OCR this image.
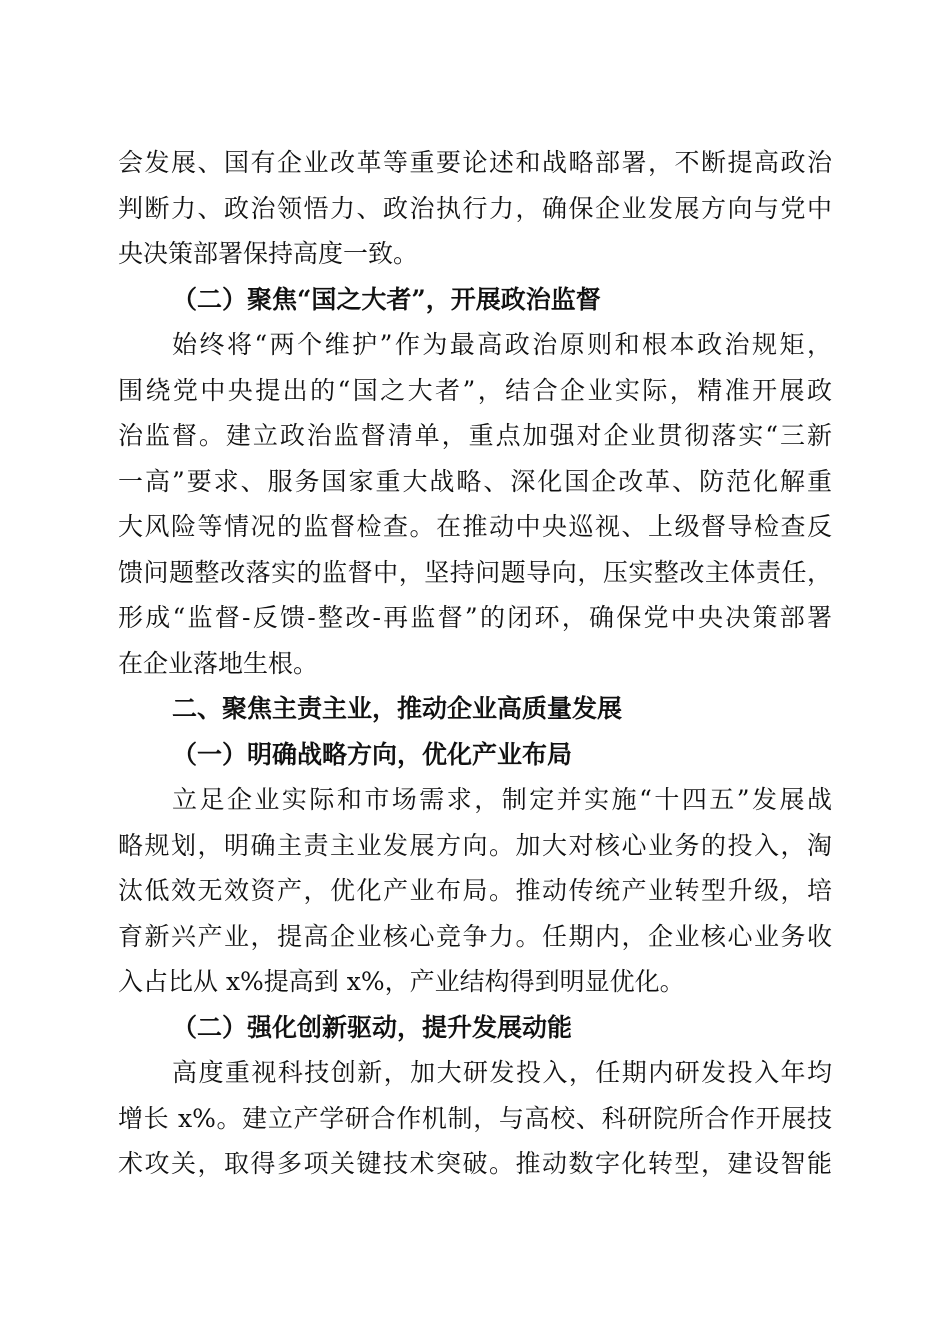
会发展、国有企业改革等重要论述和战略部署，不断提高政治
判断力、政治领悟力、政治执行力，确保企业发展方向与党中
央决策部署保持高度一致。
（二）聚焦“国之大者”，开展政治监督
始终将“两个维护”作为最高政治原则和根本政治规矩，
围绕党中央提出的“国之大者”，结合企业实际，精准开展政
治监督。建立政治监督清单，重点加强对企业贯彻落实“三新
一高”要求、服务国家重大战略、深化国企改革、防范化解重
大风险等情况的监督检查。在推动中央巡视、上级督导检查反
馈问题整改落实的监督中，坚持问题导向，压实整改主体责任，
形成“监督-反馈-整改-再监督”的闭环，确保党中央决策部署
在企业落地生根。
二、聚焦主责主业，推动企业高质量发展
（一）明确战略方向，优化产业布局
立足企业实际和市场需求，制定并实施“十四五”发展战
略规划，明确主责主业发展方向。加大对核心业务的投入，淘
汰低效无效资产，优化产业布局。推动传统产业转型升级，培
育新兴产业，提高企业核心竞争力。任期内，企业核心业务收
入占比从 x%提高到 x%，产业结构得到明显优化。
（二）强化创新驱动，提升发展动能
高度重视科技创新，加大研发投入，任期内研发投入年均
增长 x%。建立产学研合作机制，与高校、科研院所合作开展技
术攻关，取得多项关键技术突破。推动数字化转型，建设智能
